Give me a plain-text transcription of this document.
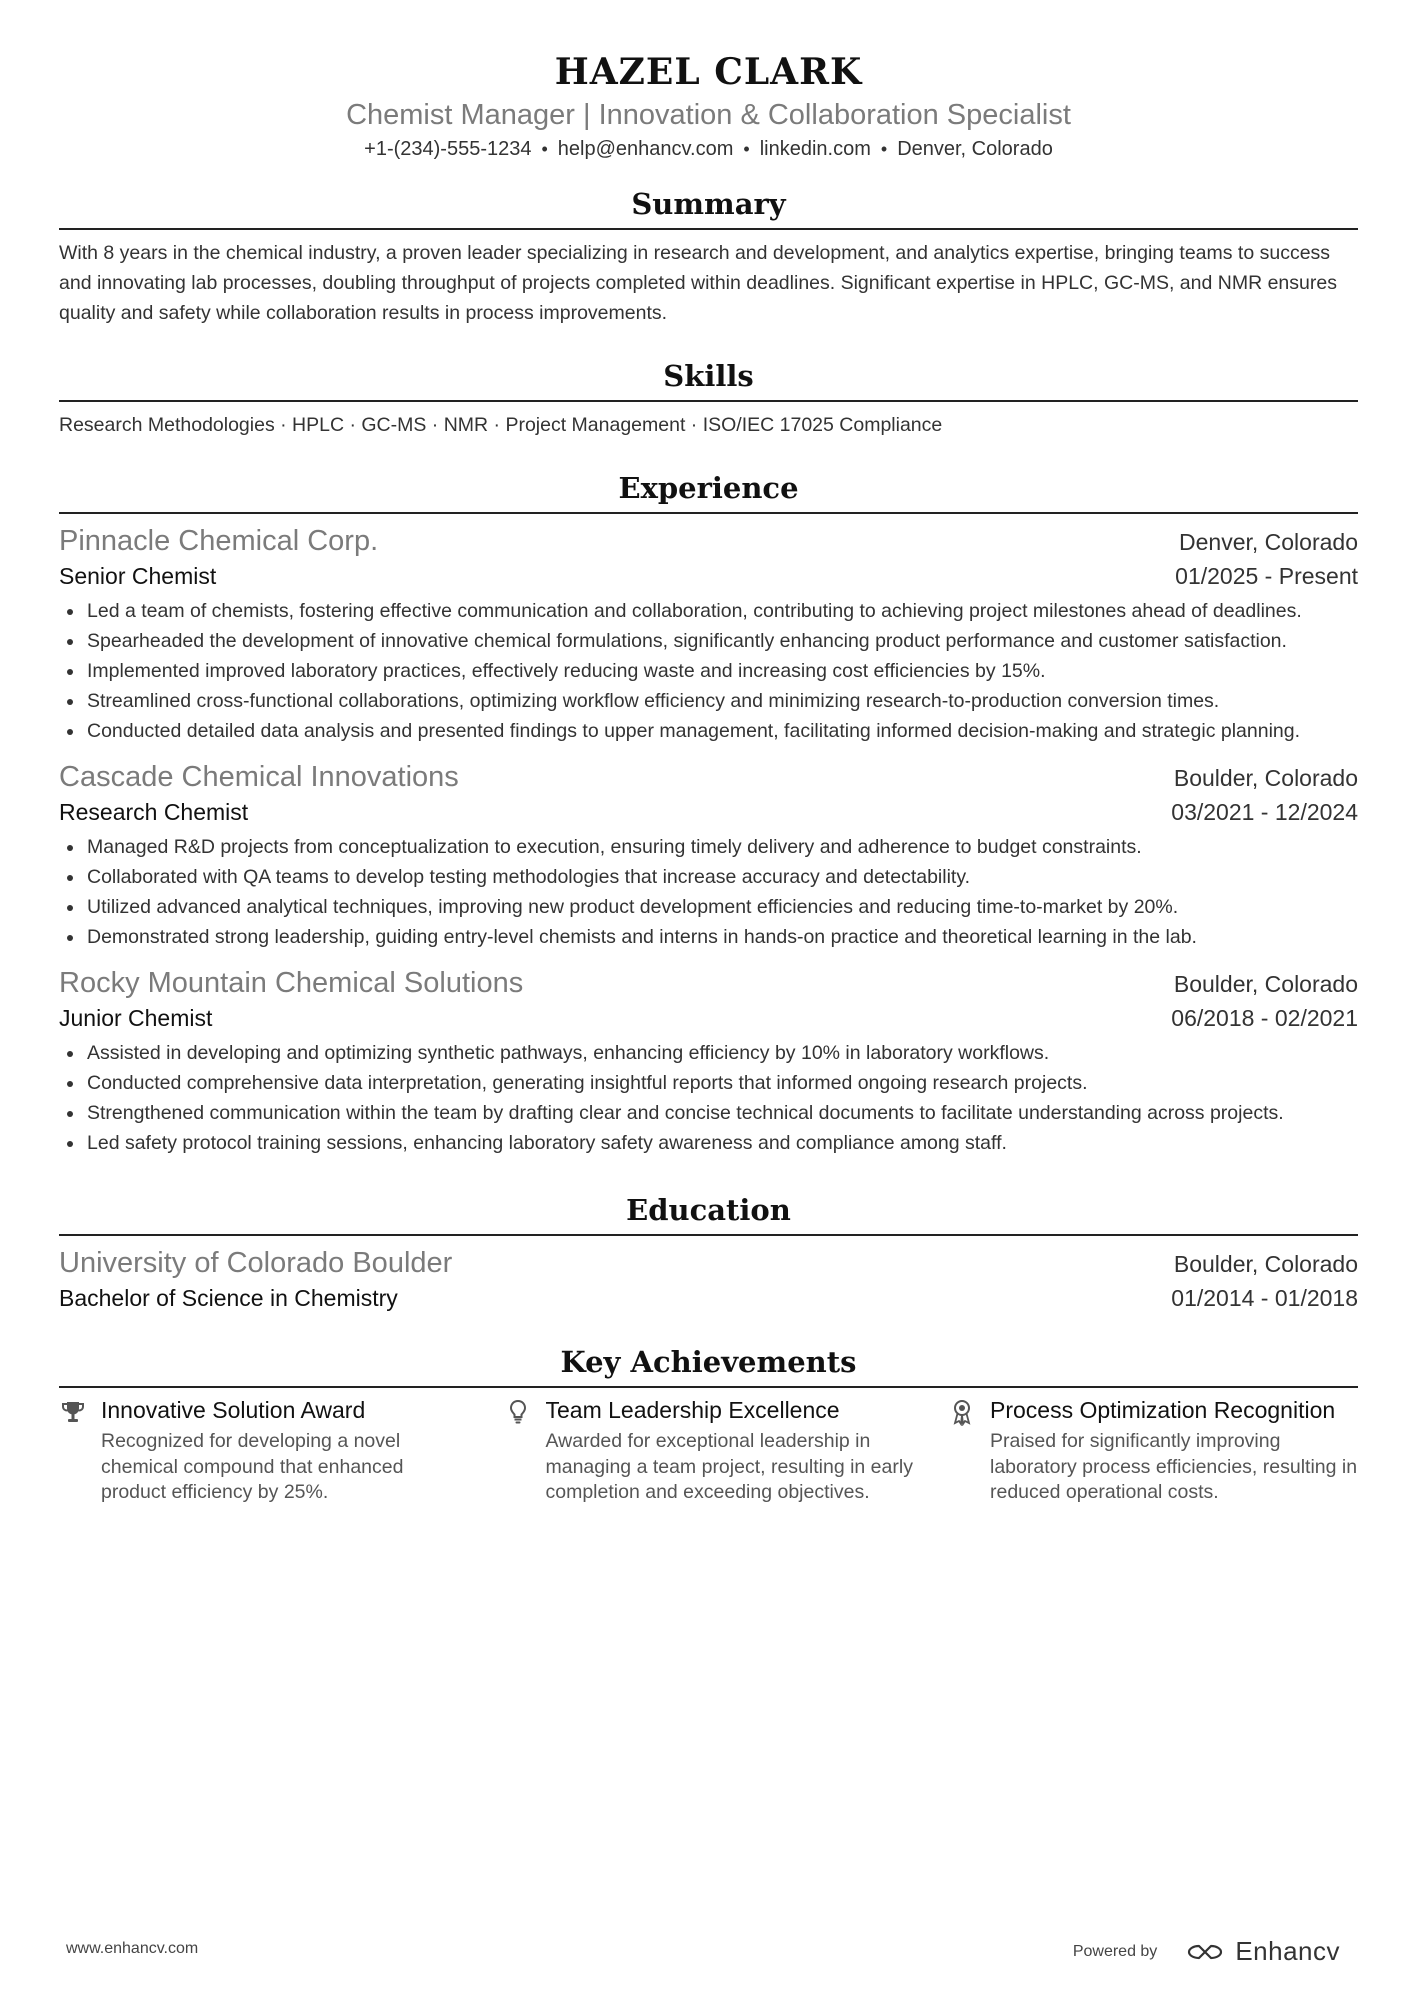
HAZEL CLARK
Chemist Manager | Innovation & Collaboration Specialist
+1-(234)-555-1234 • help@enhancv.com • linkedin.com • Denver, Colorado
Summary
With 8 years in the chemical industry, a proven leader specializing in research and development, and analytics expertise, bringing teams to success and innovating lab processes, doubling throughput of projects completed within deadlines. Significant expertise in HPLC, GC-MS, and NMR ensures quality and safety while collaboration results in process improvements.
Skills
Research Methodologies · HPLC · GC-MS · NMR · Project Management · ISO/IEC 17025 Compliance
Experience
Pinnacle Chemical Corp.	Denver, Colorado
Senior Chemist	01/2025 - Present
Led a team of chemists, fostering effective communication and collaboration, contributing to achieving project milestones ahead of deadlines.
Spearheaded the development of innovative chemical formulations, significantly enhancing product performance and customer satisfaction.
Implemented improved laboratory practices, effectively reducing waste and increasing cost efficiencies by 15%.
Streamlined cross-functional collaborations, optimizing workflow efficiency and minimizing research-to-production conversion times.
Conducted detailed data analysis and presented findings to upper management, facilitating informed decision-making and strategic planning.
Cascade Chemical Innovations	Boulder, Colorado
Research Chemist	03/2021 - 12/2024
Managed R&D projects from conceptualization to execution, ensuring timely delivery and adherence to budget constraints.
Collaborated with QA teams to develop testing methodologies that increase accuracy and detectability.
Utilized advanced analytical techniques, improving new product development efficiencies and reducing time-to-market by 20%.
Demonstrated strong leadership, guiding entry-level chemists and interns in hands-on practice and theoretical learning in the lab.
Rocky Mountain Chemical Solutions	Boulder, Colorado
Junior Chemist	06/2018 - 02/2021
Assisted in developing and optimizing synthetic pathways, enhancing efficiency by 10% in laboratory workflows.
Conducted comprehensive data interpretation, generating insightful reports that informed ongoing research projects.
Strengthened communication within the team by drafting clear and concise technical documents to facilitate understanding across projects.
Led safety protocol training sessions, enhancing laboratory safety awareness and compliance among staff.
Education
University of Colorado Boulder	Boulder, Colorado
Bachelor of Science in Chemistry	01/2014 - 01/2018
Key Achievements
Innovative Solution Award
Recognized for developing a novel chemical compound that enhanced product efficiency by 25%.
Team Leadership Excellence
Awarded for exceptional leadership in managing a team project, resulting in early completion and exceeding objectives.
Process Optimization Recognition
Praised for significantly improving laboratory process efficiencies, resulting in reduced operational costs.
www.enhancv.com	Powered by	Enhancv
